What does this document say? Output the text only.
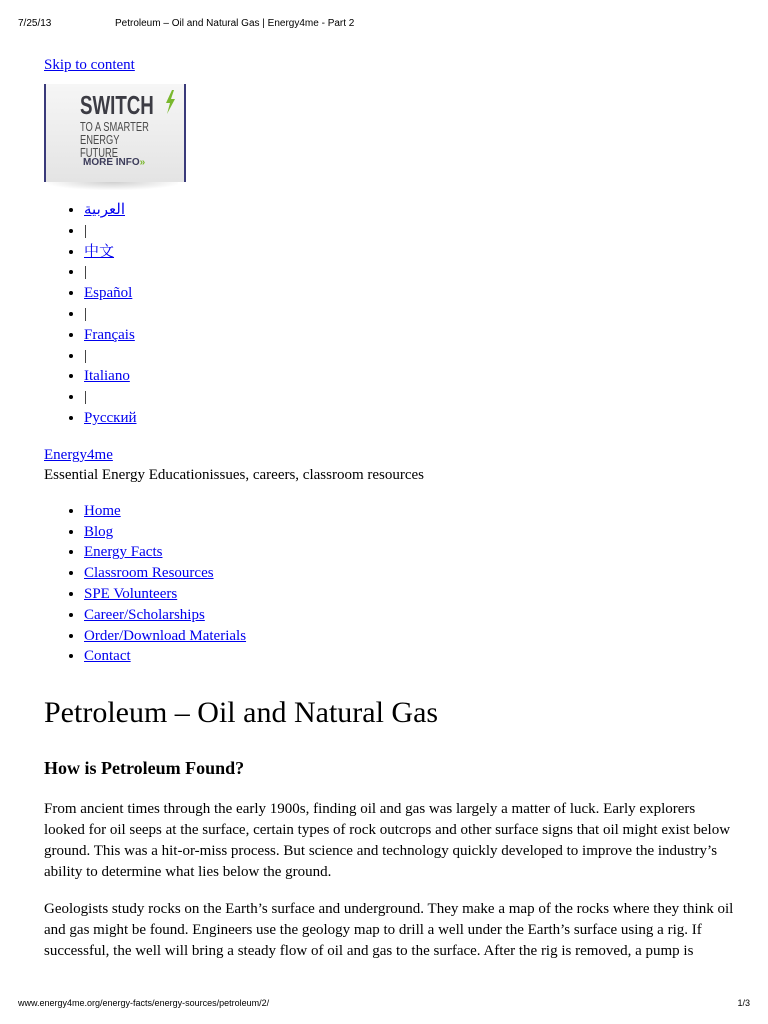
7/25/13	Petroleum – Oil and Natural Gas | Energy4me - Part 2
Skip to content
SWITCH
TO A SMARTER
ENERGY FUTURE
MORE INFO»
• العربية
• |
• 中文
• |
• Español
• |
• Français
• |
• Italiano
• |
• Русский
Energy4me
Essential Energy Educationissues, careers, classroom resources
• Home
• Blog
• Energy Facts
• Classroom Resources
• SPE Volunteers
• Career/Scholarships
• Order/Download Materials
• Contact
Petroleum – Oil and Natural Gas
How is Petroleum Found?

From ancient times through the early 1900s, finding oil and gas was largely a matter of luck. Early explorers looked for oil seeps at the surface, certain types of rock outcrops and other surface signs that oil might exist below ground. This was a hit-or-miss process. But science and technology quickly developed to improve the industry’s ability to determine what lies below the ground.

Geologists study rocks on the Earth’s surface and underground. They make a map of the rocks where they think oil and gas might be found. Engineers use the geology map to drill a well under the Earth’s surface using a rig. If successful, the well will bring a steady flow of oil and gas to the surface. After the rig is removed, a pump is

www.energy4me.org/energy-facts/energy-sources/petroleum/2/	1/3
